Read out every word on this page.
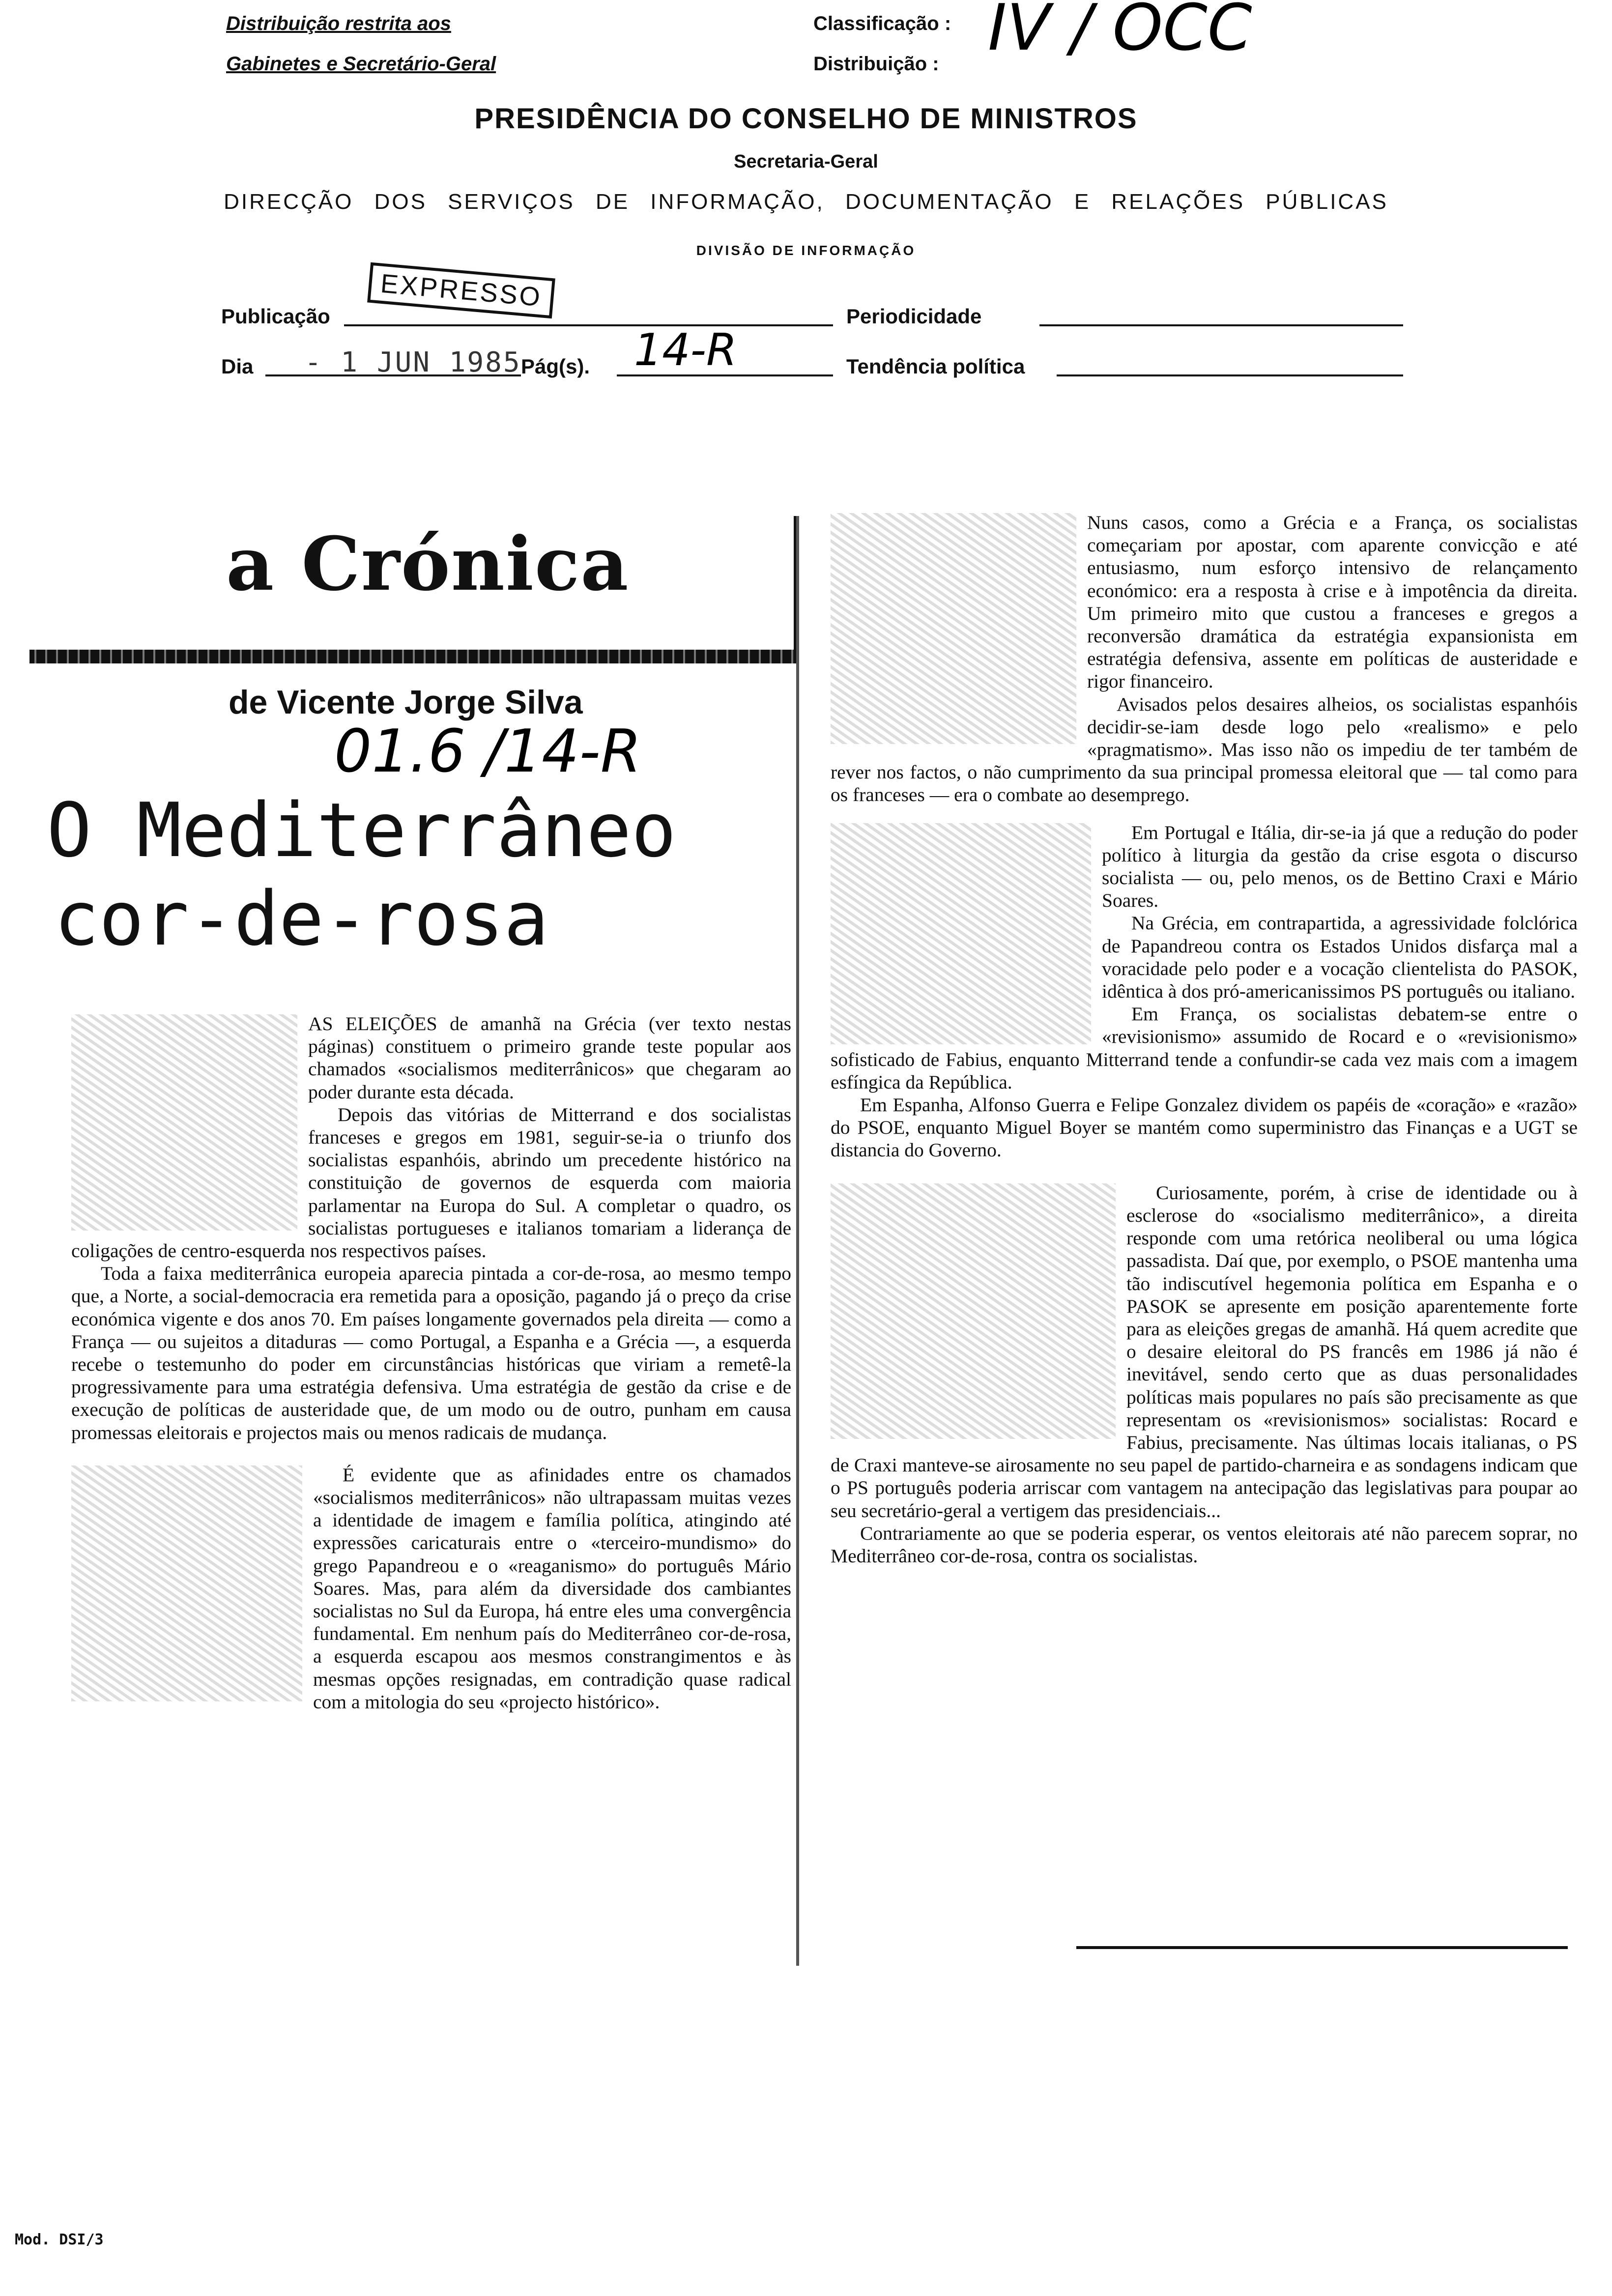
Distribuição restrita aos
Gabinetes e Secretário-Geral
Classificação :
Distribuição : IV / OCC
PRESIDÊNCIA DO CONSELHO DE MINISTROS
Secretaria-Geral
DIRECÇÃO DOS SERVIÇOS DE INFORMAÇÃO, DOCUMENTAÇÃO E RELAÇÕES PÚBLICAS
DIVISÃO DE INFORMAÇÃO
Publicação
EXPRESSO
Periodicidade
Dia - 1 JUN 1985 Pág(s). 14-R	Tendência política
a Crónica
de Vicente Jorge Silva
01.6 /14-R
O Mediterrâneo
cor-de-rosa

AS ELEIÇÕES de amanhã na Grécia (ver texto nestas páginas) constituem o primeiro grande teste popular aos chamados «socialismos mediterrânicos» que chegaram ao poder durante esta década.

Depois das vitórias de Mitterrand e dos socialistas franceses e gregos em 1981, seguir-se-ia o triunfo dos socialistas espanhóis, abrindo um precedente histórico na constituição de governos de esquerda com maioria parlamentar na Europa do Sul. A completar o quadro, os socialistas portugueses e italianos tomariam a liderança de coligações de centro-esquerda nos respectivos países.

Toda a faixa mediterrânica europeia aparecia pintada a cor-de-rosa, ao mesmo tempo que, a Norte, a social-democracia era remetida para a oposição, pagando já o preço da crise económica vigente e dos anos 70. Em países longamente governados pela direita — como a França — ou sujeitos a ditaduras — como Portugal, a Espanha e a Grécia —, a esquerda recebe o testemunho do poder em circunstâncias históricas que viriam a remetê-la progressivamente para uma estratégia defensiva. Uma estratégia de gestão da crise e de execução de políticas de austeridade que, de um modo ou de outro, punham em causa promessas eleitorais e projectos mais ou menos radicais de mudança.

É evidente que as afinidades entre os chamados «socialismos mediterrânicos» não ultrapassam muitas vezes a identidade de imagem e família política, atingindo até expressões caricaturais entre o «terceiro-mundismo» do grego Papandreou e o «reaganismo» do português Mário Soares. Mas, para além da diversidade dos cambiantes socialistas no Sul da Europa, há entre eles uma convergência fundamental. Em nenhum país do Mediterrâneo cor-de-rosa, a esquerda escapou aos mesmos constrangimentos e às mesmas opções resignadas, em contradição quase radical com a mitologia do seu «projecto histórico».

Nuns casos, como a Grécia e a França, os socialistas começariam por apostar, com aparente convicção e até entusiasmo, num esforço intensivo de relançamento económico: era a resposta à crise e à impotência da direita. Um primeiro mito que custou a franceses e gregos a reconversão dramática da estratégia expansionista em estratégia defensiva, assente em políticas de austeridade e rigor financeiro.

Avisados pelos desaires alheios, os socialistas espanhóis decidir-se-iam desde logo pelo «realismo» e pelo «pragmatismo». Mas isso não os impediu de ter também de rever nos factos, o não cumprimento da sua principal promessa eleitoral que — tal como para os franceses — era o combate ao desemprego.

Em Portugal e Itália, dir-se-ia já que a redução do poder político à liturgia da gestão da crise esgota o discurso socialista — ou, pelo menos, os de Bettino Craxi e Mário Soares.

Na Grécia, em contrapartida, a agressividade folclórica de Papandreou contra os Estados Unidos disfarça mal a voracidade pelo poder e a vocação clientelista do PASOK, idêntica à dos pró-americanissimos PS português ou italiano.

Em França, os socialistas debatem-se entre o «revisionismo» assumido de Rocard e o «revisionismo» sofisticado de Fabius, enquanto Mitterrand tende a confundir-se cada vez mais com a imagem esfíngica da República.

Em Espanha, Alfonso Guerra e Felipe Gonzalez dividem os papéis de «coração» e «razão» do PSOE, enquanto Miguel Boyer se mantém como superministro das Finanças e a UGT se distancia do Governo.

Curiosamente, porém, à crise de identidade ou à esclerose do «socialismo mediterrânico», a direita responde com uma retórica neoliberal ou uma lógica passadista. Daí que, por exemplo, o PSOE mantenha uma tão indiscutível hegemonia política em Espanha e o PASOK se apresente em posição aparentemente forte para as eleições gregas de amanhã. Há quem acredite que o desaire eleitoral do PS francês em 1986 já não é inevitável, sendo certo que as duas personalidades políticas mais populares no país são precisamente as que representam os «revisionismos» socialistas: Rocard e Fabius, precisamente. Nas últimas locais italianas, o PS de Craxi manteve-se airosamente no seu papel de partido-charneira e as sondagens indicam que o PS português poderia arriscar com vantagem na antecipação das legislativas para poupar ao seu secretário-geral a vertigem das presidenciais...

Contrariamente ao que se poderia esperar, os ventos eleitorais até não parecem soprar, no Mediterrâneo cor-de-rosa, contra os socialistas.

Mod. DSI/3
